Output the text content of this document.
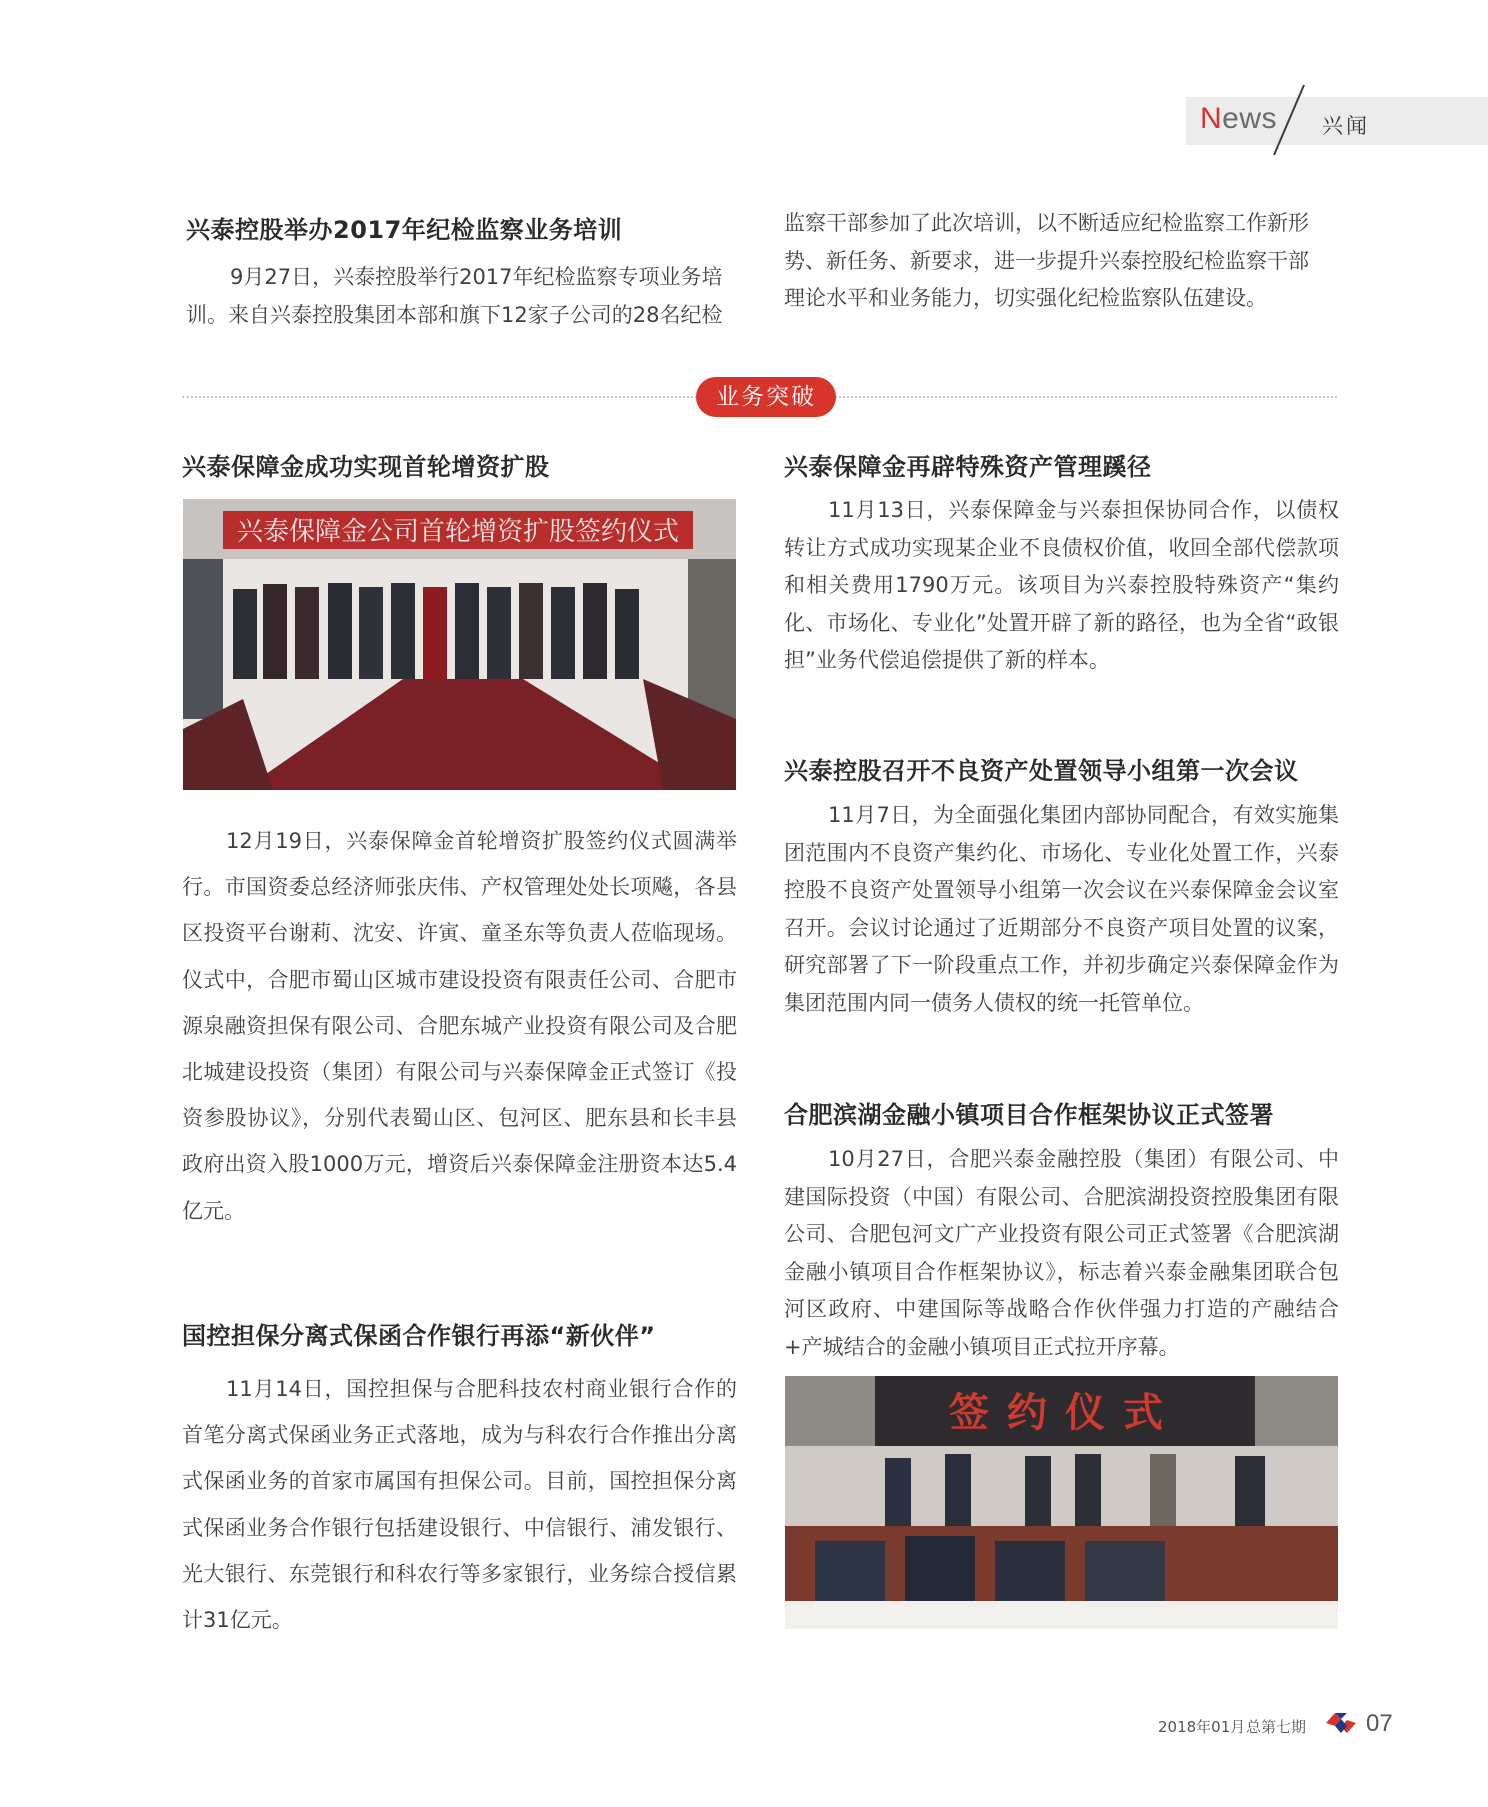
News 兴闻
兴泰控股举办2017年纪检监察业务培训

9月27日，兴泰控股举行2017年纪检监察专项业务培

训。来自兴泰控股集团本部和旗下12家子公司的28名纪检

监察干部参加了此次培训，以不断适应纪检监察工作新形

势、新任务、新要求，进一步提升兴泰控股纪检监察干部

理论水平和业务能力，切实强化纪检监察队伍建设。

业务突破
兴泰保障金成功实现首轮增资扩股
兴泰保障金公司首轮增资扩股签约仪式

12月19日，兴泰保障金首轮增资扩股签约仪式圆满举行。市国资委总经济师张庆伟、产权管理处处长项飚，各县区投资平台谢莉、沈安、许寅、童圣东等负责人莅临现场。仪式中，合肥市蜀山区城市建设投资有限责任公司、合肥市源泉融资担保有限公司、合肥东城产业投资有限公司及合肥北城建设投资（集团）有限公司与兴泰保障金正式签订《投资参股协议》，分别代表蜀山区、包河区、肥东县和长丰县政府出资入股1000万元，增资后兴泰保障金注册资本达5.4亿元。

国控担保分离式保函合作银行再添“新伙伴”

11月14日，国控担保与合肥科技农村商业银行合作的首笔分离式保函业务正式落地，成为与科农行合作推出分离式保函业务的首家市属国有担保公司。目前，国控担保分离式保函业务合作银行包括建设银行、中信银行、浦发银行、光大银行、东莞银行和科农行等多家银行，业务综合授信累计31亿元。

兴泰保障金再辟特殊资产管理蹊径

11月13日，兴泰保障金与兴泰担保协同合作，以债权转让方式成功实现某企业不良债权价值，收回全部代偿款项和相关费用1790万元。该项目为兴泰控股特殊资产“集约化、市场化、专业化”处置开辟了新的路径，也为全省“政银担”业务代偿追偿提供了新的样本。

兴泰控股召开不良资产处置领导小组第一次会议

11月7日，为全面强化集团内部协同配合，有效实施集团范围内不良资产集约化、市场化、专业化处置工作，兴泰控股不良资产处置领导小组第一次会议在兴泰保障金会议室召开。会议讨论通过了近期部分不良资产项目处置的议案，研究部署了下一阶段重点工作，并初步确定兴泰保障金作为集团范围内同一债务人债权的统一托管单位。

合肥滨湖金融小镇项目合作框架协议正式签署

10月27日，合肥兴泰金融控股（集团）有限公司、中建国际投资（中国）有限公司、合肥滨湖投资控股集团有限公司、合肥包河文广产业投资有限公司正式签署《合肥滨湖金融小镇项目合作框架协议》，标志着兴泰金融集团联合包河区政府、中建国际等战略合作伙伴强力打造的产融结合+产城结合的金融小镇项目正式拉开序幕。

签约仪式
2018年01月 总第七期 07
